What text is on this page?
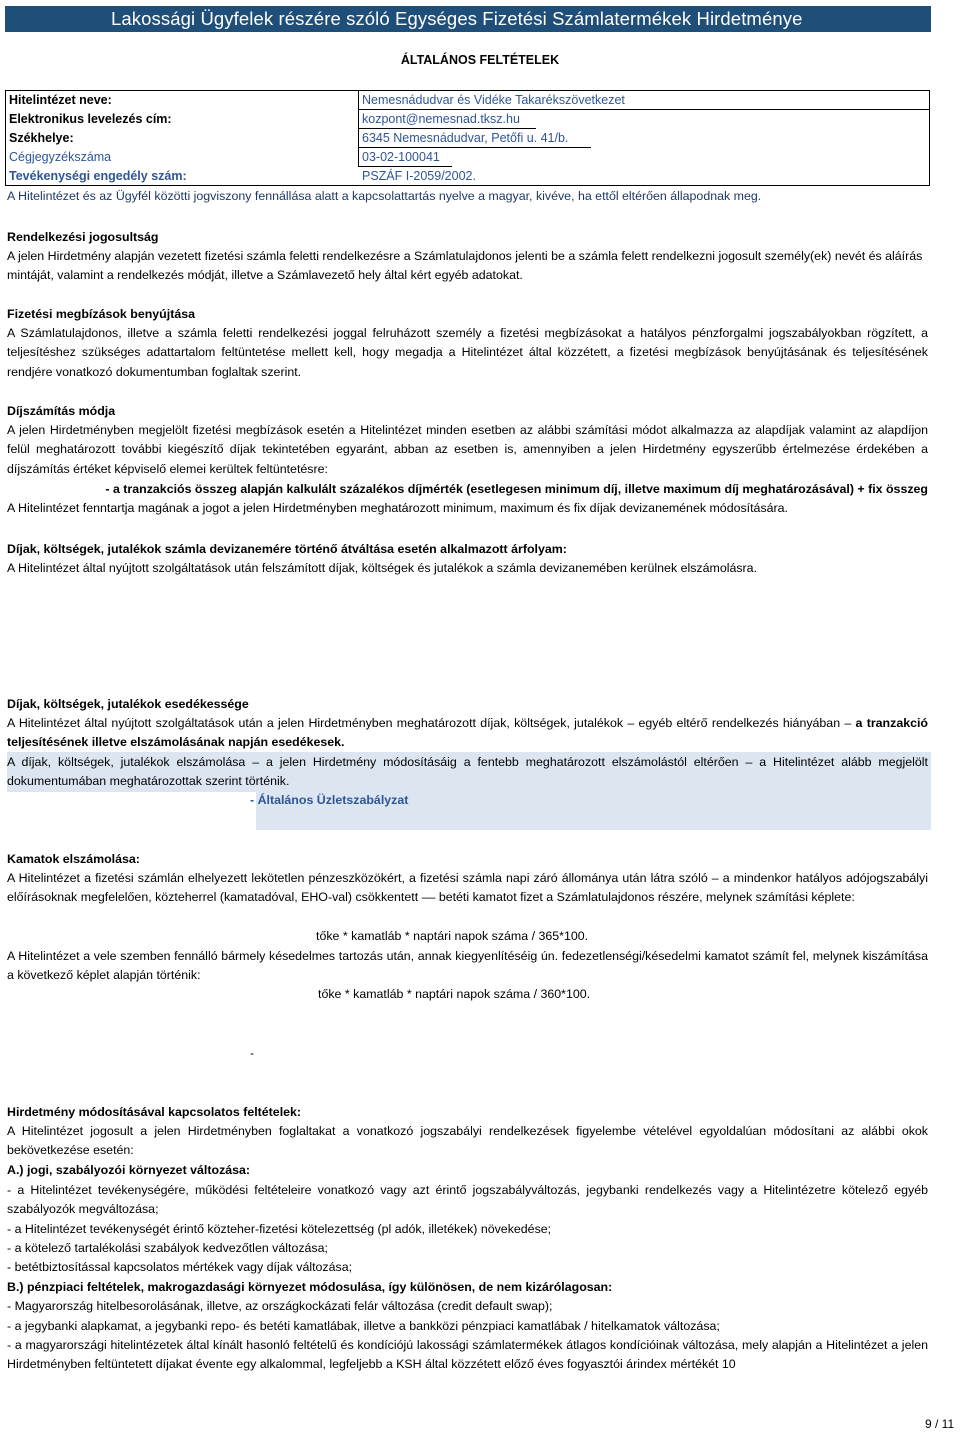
Lakossági Ügyfelek részére szóló Egységes Fizetési Számlatermékek Hirdetménye
ÁLTALÁNOS FELTÉTELEK
Hitelintézet neve:	Nemesnádudvar és Vidéke Takarékszövetkezet
Elektronikus levelezés cím:	kozpont@nemesnad.tksz.hu
Székhelye:	6345 Nemesnádudvar, Petőfi u. 41/b.
Cégjegyzékszáma	03-02-100041
Tevékenységi engedély szám:	PSZÁF I-2059/2002.
A Hitelintézet és az Ügyfél közötti jogviszony fennállása alatt a kapcsolattartás nyelve a magyar, kivéve, ha ettől eltérően állapodnak meg.
Rendelkezési jogosultság
A jelen Hirdetmény alapján vezetett fizetési számla feletti rendelkezésre a Számlatulajdonos jelenti be a számla felett rendelkezni jogosult személy(ek) nevét és aláírás mintáját, valamint a rendelkezés módját, illetve a Számlavezető hely által kért egyéb adatokat.
Fizetési megbízások benyújtása
A Számlatulajdonos, illetve a számla feletti rendelkezési joggal felruházott személy a fizetési megbízásokat a hatályos pénzforgalmi jogszabályokban rögzített, a teljesítéshez szükséges adattartalom feltüntetése mellett kell, hogy megadja a Hitelintézet által közzétett, a fizetési megbízások benyújtásának és teljesítésének rendjére vonatkozó dokumentumban foglaltak szerint.
Díjszámítás módja
A jelen Hirdetményben megjelölt fizetési megbízások esetén a Hitelintézet minden esetben az alábbi számítási módot alkalmazza az alapdíjak valamint az alapdíjon felül meghatározott további kiegészítő díjak tekintetében egyaránt, abban az esetben is, amennyiben a jelen Hirdetmény egyszerűbb értelmezése érdekében a díjszámítás értéket képviselő elemei kerültek feltüntetésre:
- a tranzakciós összeg alapján kalkulált százalékos díjmérték (esetlegesen minimum díj, illetve maximum díj meghatározásával) + fix összeg
A Hitelintézet fenntartja magának a jogot a jelen Hirdetményben meghatározott minimum, maximum és fix díjak devizanemének módosítására.
Díjak, költségek, jutalékok számla devizanemére történő átváltása esetén alkalmazott árfolyam:
A Hitelintézet által nyújtott szolgáltatások után felszámított díjak, költségek és jutalékok a számla devizanemében kerülnek elszámolásra.
Díjak, költségek, jutalékok esedékessége
A Hitelintézet által nyújtott szolgáltatások után a jelen Hirdetményben meghatározott díjak, költségek, jutalékok – egyéb eltérő rendelkezés hiányában – a tranzakció teljesítésének illetve elszámolásának napján esedékesek.
A díjak, költségek, jutalékok elszámolása – a jelen Hirdetmény módosításáig a fentebb meghatározott elszámolástól eltérően – a Hitelintézet alább megjelölt dokumentumában meghatározottak szerint történik.
- Általános Üzletszabályzat
Kamatok elszámolása:
A Hitelintézet a fizetési számlán elhelyezett lekötetlen pénzeszközökért, a fizetési számla napi záró állománya után látra szóló – a mindenkor hatályos adójogszabályi előírásoknak megfelelően, közteherrel (kamatadóval, EHO-val) csökkentett –– betéti kamatot fizet a Számlatulajdonos részére, melynek számítási képlete:
tőke * kamatláb * naptári napok száma / 365*100.
A Hitelintézet a vele szemben fennálló bármely késedelmes tartozás után, annak kiegyenlítéséig ún. fedezetlenségi/késedelmi kamatot számít fel, melynek kiszámítása a következő képlet alapján történik:
tőke * kamatláb * naptári napok száma / 360*100.
-
Hirdetmény módosításával kapcsolatos feltételek:
A Hitelintézet jogosult a jelen Hirdetményben foglaltakat a vonatkozó jogszabályi rendelkezések figyelembe vételével egyoldalúan módosítani az alábbi okok bekövetkezése esetén:
A.) jogi, szabályozói környezet változása:
- a Hitelintézet tevékenységére, működési feltételeire vonatkozó vagy azt érintő jogszabályváltozás, jegybanki rendelkezés vagy a Hitelintézetre kötelező egyéb szabályozók megváltozása;
- a Hitelintézet tevékenységét érintő közteher-fizetési kötelezettség (pl adók, illetékek) növekedése;
- a kötelező tartalékolási szabályok kedvezőtlen változása;
- betétbiztosítással kapcsolatos mértékek vagy díjak változása;
B.) pénzpiaci feltételek, makrogazdasági környezet módosulása, így különösen, de nem kizárólagosan:
- Magyarország hitelbesorolásának, illetve, az országkockázati felár változása (credit default swap);
- a jegybanki alapkamat, a jegybanki repo- és betéti kamatlábak, illetve a bankközi pénzpiaci kamatlábak / hitelkamatok változása;
- a magyarországi hitelintézetek által kínált hasonló feltételű és kondíciójú lakossági számlatermékek átlagos kondícióinak változása, mely alapján a Hitelintézet a jelen Hirdetményben feltüntetett díjakat évente egy alkalommal, legfeljebb a KSH által közzétett előző éves fogyasztói árindex mértékét 10
9 / 11
